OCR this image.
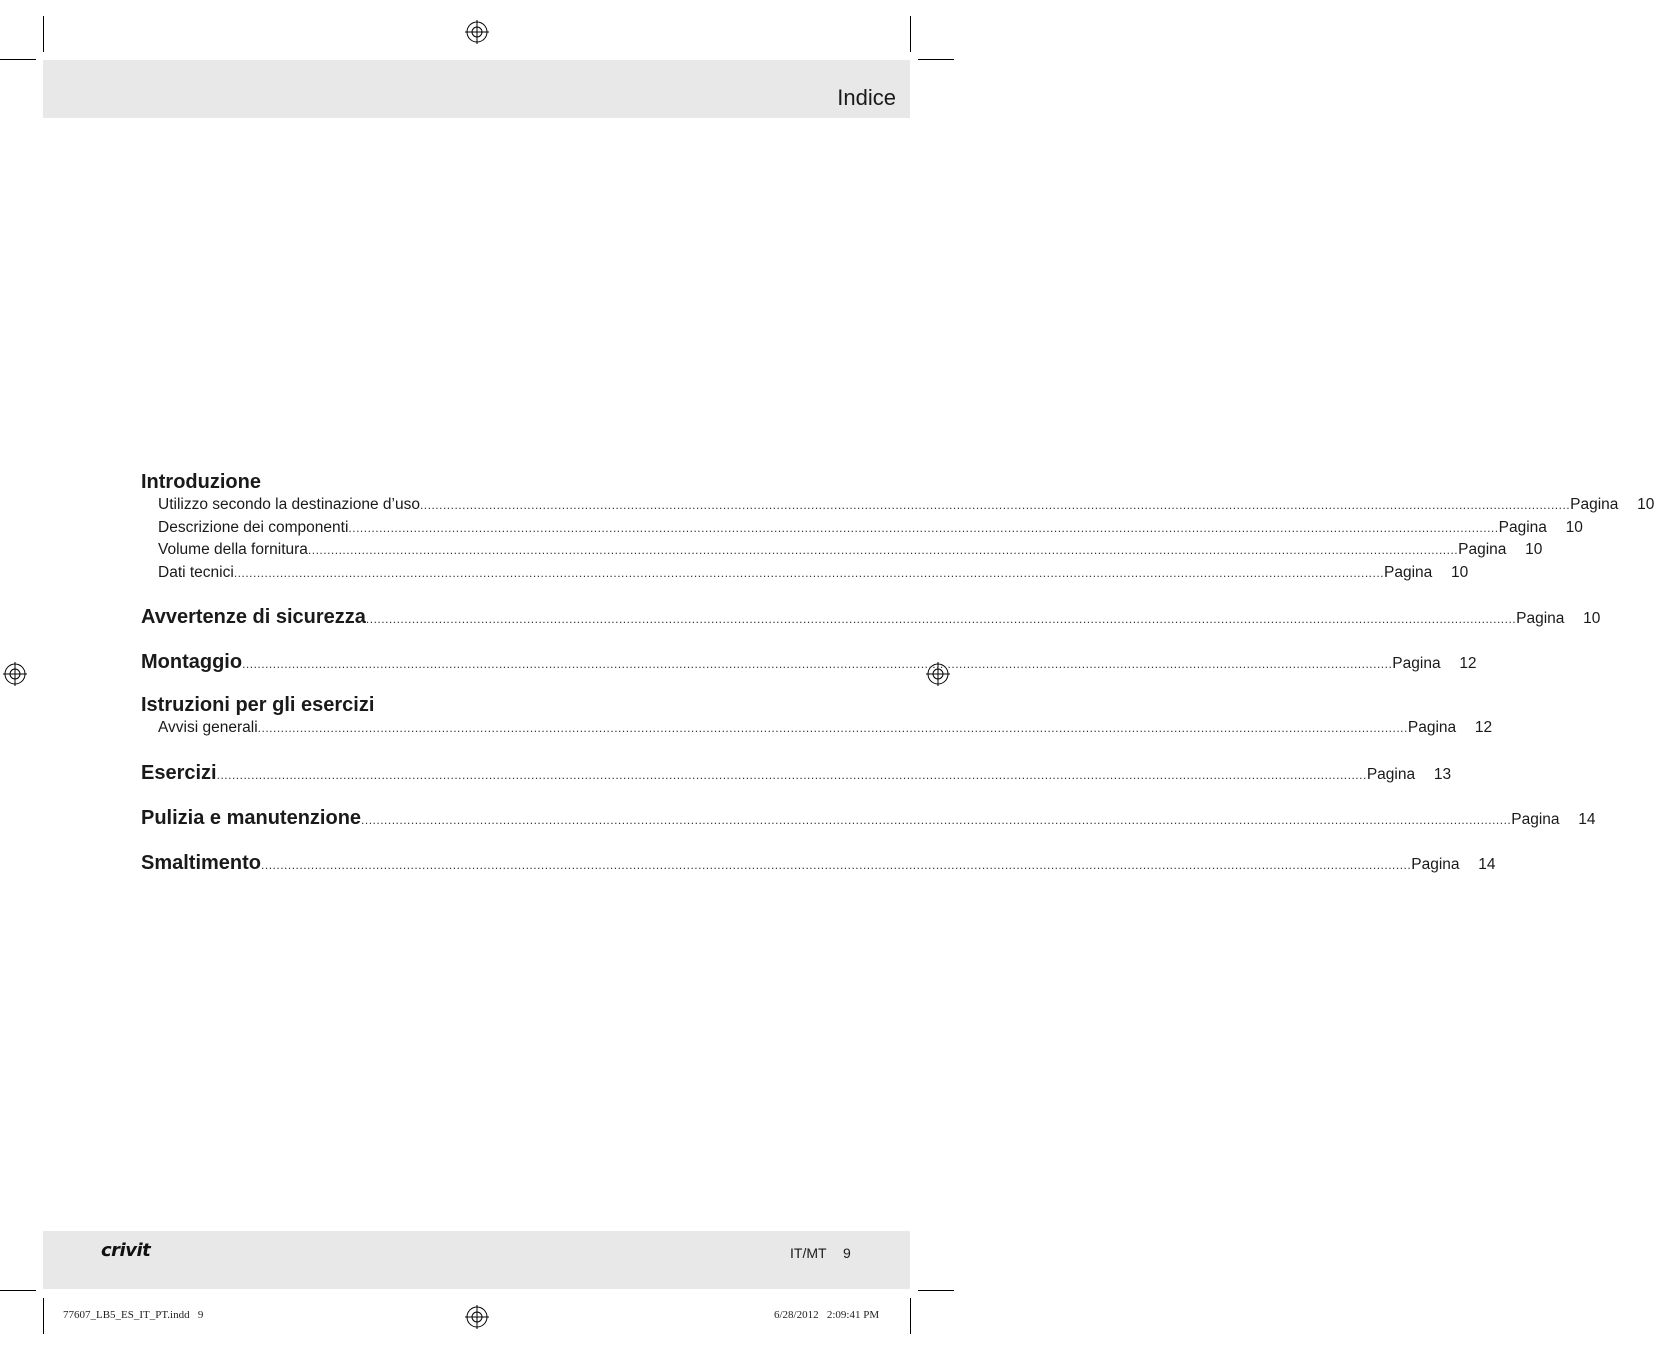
Indice
Introduzione
Utilizzo secondo la destinazione d’uso ............................................................................................................................................................................................................................................................................................................ Pagina	10
Descrizione dei componenti ............................................................................................................................................................................................................................................................................................................ Pagina	10
Volume della fornitura ............................................................................................................................................................................................................................................................................................................ Pagina	10
Dati tecnici ............................................................................................................................................................................................................................................................................................................ Pagina	10
Avvertenze di sicurezza ............................................................................................................................................................................................................................................................................................................ Pagina	10
Montaggio ............................................................................................................................................................................................................................................................................................................ Pagina	12
Istruzioni per gli esercizi
Avvisi generali ............................................................................................................................................................................................................................................................................................................ Pagina	12
Esercizi ............................................................................................................................................................................................................................................................................................................ Pagina	13
Pulizia e manutenzione ............................................................................................................................................................................................................................................................................................................ Pagina	14
Smaltimento ............................................................................................................................................................................................................................................................................................................ Pagina	14
crivit	IT/MT 9
77607_LB5_ES_IT_PT.indd   9	6/28/2012   2:09:41 PM
